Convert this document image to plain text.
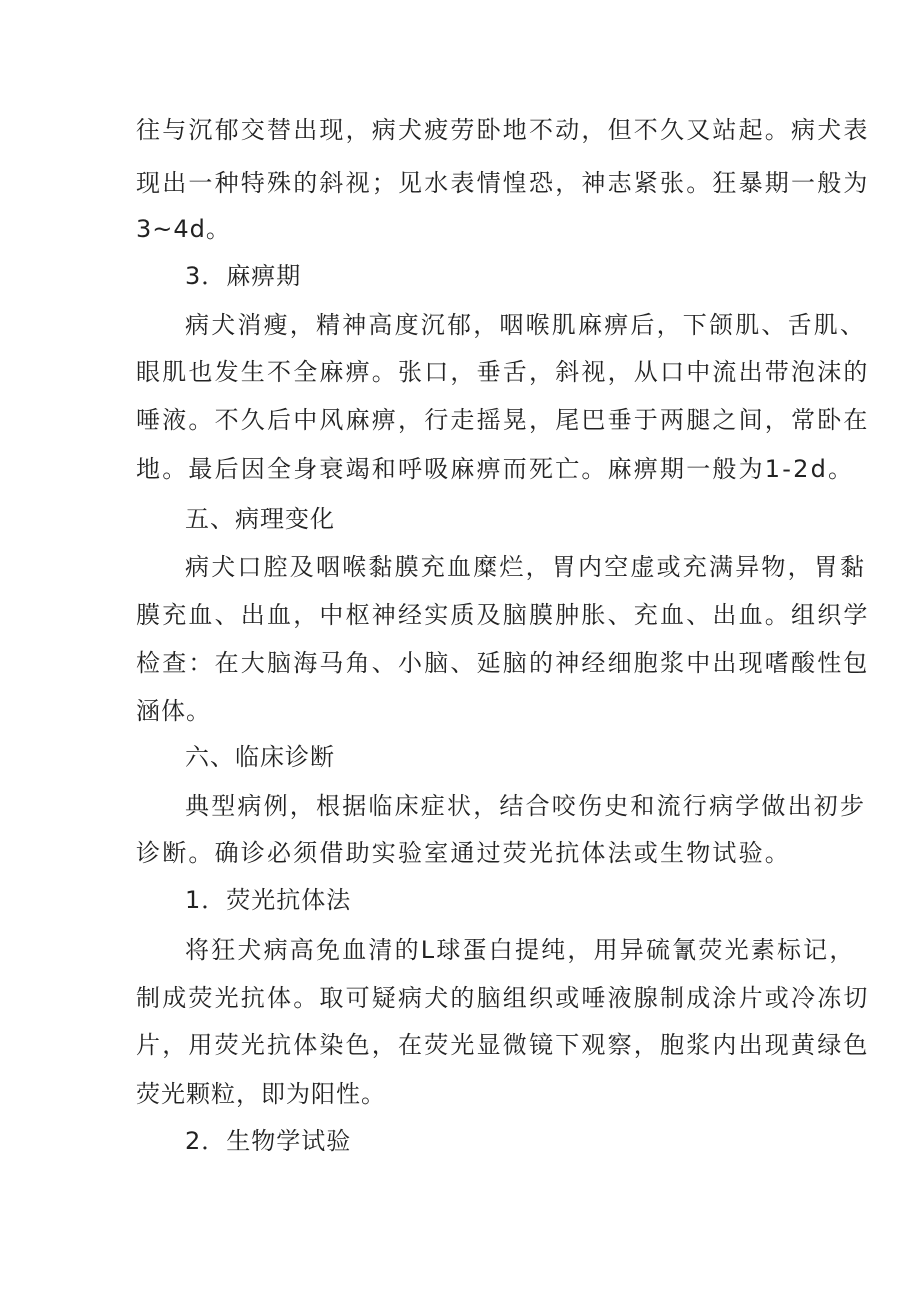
往与沉郁交替出现，病犬疲劳卧地不动，但不久又站起。病犬表
现出一种特殊的斜视；见水表情惶恐，神志紧张。狂暴期一般为
3~4d。
3．麻痹期
病犬消瘦，精神高度沉郁，咽喉肌麻痹后，下颌肌、舌肌、
眼肌也发生不全麻痹。张口，垂舌，斜视，从口中流出带泡沫的
唾液。不久后中风麻痹，行走摇晃，尾巴垂于两腿之间，常卧在
地。最后因全身衰竭和呼吸麻痹而死亡。麻痹期一般为1-2d。
五、病理变化
病犬口腔及咽喉黏膜充血糜烂，胃内空虚或充满异物，胃黏
膜充血、出血，中枢神经实质及脑膜肿胀、充血、出血。组织学
检查：在大脑海马角、小脑、延脑的神经细胞浆中出现嗜酸性包
涵体。
六、临床诊断
典型病例，根据临床症状，结合咬伤史和流行病学做出初步
诊断。确诊必须借助实验室通过荧光抗体法或生物试验。
1．荧光抗体法
将狂犬病高免血清的L球蛋白提纯，用异硫氰荧光素标记，
制成荧光抗体。取可疑病犬的脑组织或唾液腺制成涂片或冷冻切
片，用荧光抗体染色，在荧光显微镜下观察，胞浆内出现黄绿色
荧光颗粒，即为阳性。
2．生物学试验
